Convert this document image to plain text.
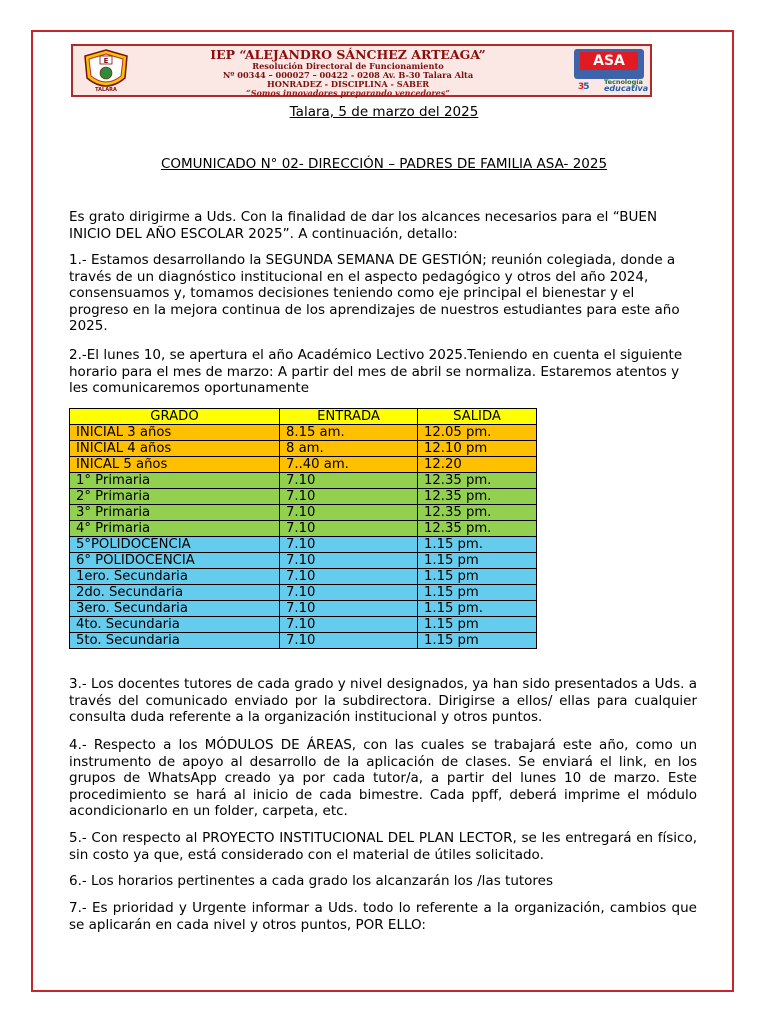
E
TALARA
IEP “ALEJANDRO SÁNCHEZ ARTEAGA”
Resolución Directoral de Funcionamiento
Nº 00344 – 000027 – 00422 - 0208 Av. B-30 Talara Alta
HONRADEZ - DISCIPLINA - SABER
“Somos innovadores preparando vencedores”
ASA
35 Tecnología
educativa
Talara, 5 de marzo del 2025
COMUNICADO N° 02- DIRECCIÓN – PADRES DE FAMILIA ASA- 2025
Es grato dirigirme a Uds. Con la finalidad de dar los alcances necesarios para el “BUEN INICIO DEL AÑO ESCOLAR 2025”. A continuación, detallo:
1.- Estamos desarrollando la SEGUNDA SEMANA DE GESTIÓN; reunión colegiada, donde a través de un diagnóstico institucional en el aspecto pedagógico y otros del año 2024, consensuamos y, tomamos decisiones teniendo como eje principal el bienestar y el progreso en la mejora continua de los aprendizajes de nuestros estudiantes para este año 2025.
2.-El lunes 10, se apertura el año Académico Lectivo 2025.Teniendo en cuenta el siguiente horario para el mes de marzo: A partir del mes de abril se normaliza. Estaremos atentos y les comunicaremos oportunamente
GRADO	ENTRADA	SALIDA
INICIAL 3 años	8.15 am.	12.05 pm.
INICIAL 4 años	8 am.	12.10 pm
INICAL 5 años	7..40 am.	12.20
1° Primaria	7.10	12.35 pm.
2° Primaria	7.10	12.35 pm.
3° Primaria	7.10	12.35 pm.
4° Primaria	7.10	12.35 pm.
5°POLIDOCENCIA	7.10	1.15 pm.
6° POLIDOCENCIA	7.10	1.15 pm
1ero. Secundaria	7.10	1.15 pm
2do. Secundaria	7.10	1.15 pm
3ero. Secundaria	7.10	1.15 pm.
4to. Secundaria	7.10	1.15 pm
5to. Secundaria	7.10	1.15 pm
3.- Los docentes tutores de cada grado y nivel designados, ya han sido presentados a Uds. a través del comunicado enviado por la subdirectora. Dirigirse a ellos/ ellas para cualquier consulta duda referente a la organización institucional y otros puntos.
4.- Respecto a los MÓDULOS DE ÁREAS, con las cuales se trabajará este año, como un instrumento de apoyo al desarrollo de la aplicación de clases. Se enviará el link, en los grupos de WhatsApp creado ya por cada tutor/a, a partir del lunes 10 de marzo. Este procedimiento se hará al inicio de cada bimestre. Cada ppff, deberá imprime el módulo acondicionarlo en un folder, carpeta, etc.
5.- Con respecto al PROYECTO INSTITUCIONAL DEL PLAN LECTOR, se les entregará en físico, sin costo ya que, está considerado con el material de útiles solicitado.
6.- Los horarios pertinentes a cada grado los alcanzarán los /las tutores
7.- Es prioridad y Urgente informar a Uds. todo lo referente a la organización, cambios que se aplicarán en cada nivel y otros puntos, POR ELLO:
